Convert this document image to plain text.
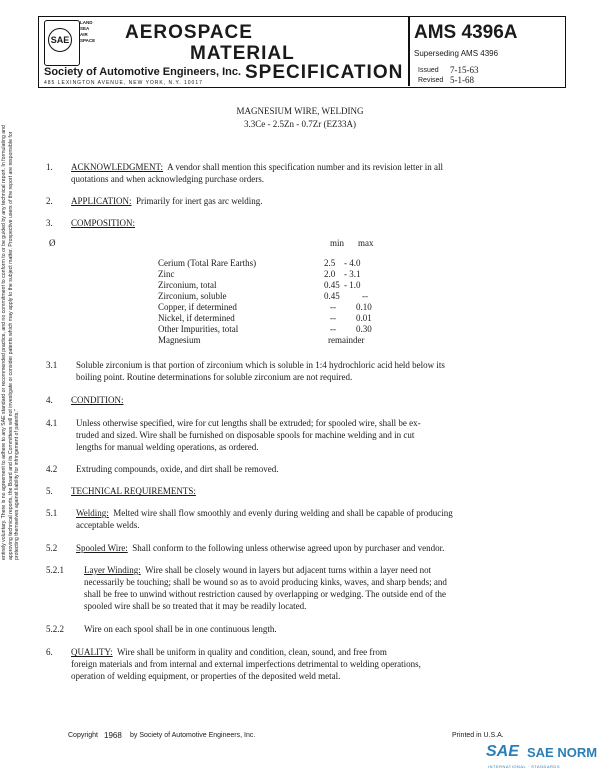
SAE
LAND
SEA
AIR
SPACE AEROSPACE
MATERIAL
SPECIFICATION
Society of Automotive Engineers, Inc.
485 LEXINGTON AVENUE, NEW YORK, N.Y. 10017
AMS 4396A
Superseding AMS 4396
Issued 7-15-63
Revised 5-1-68
MAGNESIUM WIRE, WELDING
3.3Ce - 2.5Zn - 0.7Zr (EZ33A)
1. ACKNOWLEDGMENT: A vendor shall mention this specification number and its revision letter in all
quotations and when acknowledging purchase orders.
2. APPLICATION: Primarily for inert gas arc welding.
3. COMPOSITION:
Ø	min max
Cerium (Total Rare Earths)	2.5 - 4.0
Zinc	2.0 - 3.1
Zirconium, total	0.45 - 1.0
Zirconium, soluble	0.45 --
Copper, if determined	-- 0.10
Nickel, if determined	-- 0.01
Other Impurities, total	-- 0.30
Magnesium	remainder
3.1 Soluble zirconium is that portion of zirconium which is soluble in 1:4 hydrochloric acid held below its
boiling point. Routine determinations for soluble zirconium are not required.
4. CONDITION:
4.1 Unless otherwise specified, wire for cut lengths shall be extruded; for spooled wire, shall be ex-
truded and sized. Wire shall be furnished on disposable spools for machine welding and in cut
lengths for manual welding operations, as ordered.
4.2 Extruding compounds, oxide, and dirt shall be removed.
5. TECHNICAL REQUIREMENTS:
5.1 Welding: Melted wire shall flow smoothly and evenly during welding and shall be capable of producing
acceptable welds.
5.2 Spooled Wire: Shall conform to the following unless otherwise agreed upon by purchaser and vendor.
5.2.1 Layer Winding: Wire shall be closely wound in layers but adjacent turns within a layer need not
necessarily be touching; shall be wound so as to avoid producing kinks, waves, and sharp bends; and
shall be free to unwind without restriction caused by overlapping or wedging. The outside end of the
spooled wire shall be so treated that it may be readily located.
5.2.2 Wire on each spool shall be in one continuous length.
6. QUALITY: Wire shall be uniform in quality and condition, clean, sound, and free from
foreign materials and from internal and external imperfections detrimental to welding operations,
operation of welding equipment, or properties of the deposited weld metal.
entirely voluntary. There is no agreement to adhere to any SAE standard or recommended practice, and no commitment to conform to or be guided by any technical report. In formulating and approving technical reports, the Board and its Committees will not investigate or consider patents which may apply to the subject matter. Prospective users of the report are responsible for protecting themselves against liability for infringement of patents."
Copyright 1968 by Society of Automotive Engineers, Inc.	Printed in U.S.A.
SAE SAE NORM
INTERNATIONAL · STANDARDS
